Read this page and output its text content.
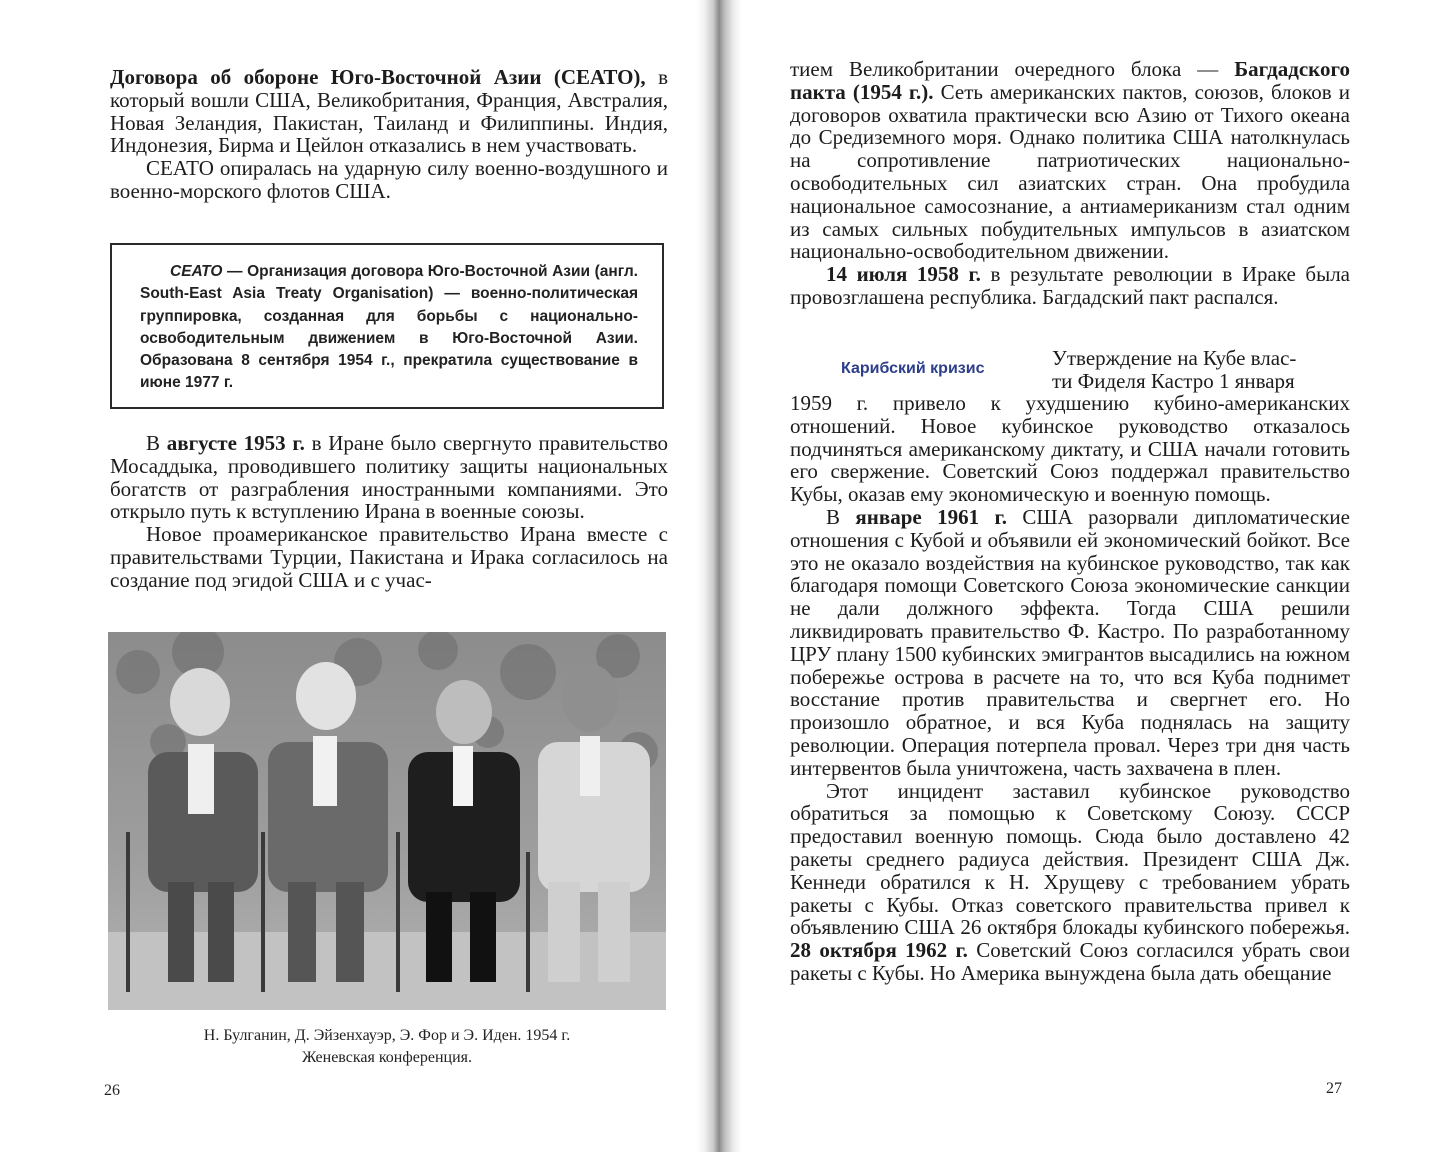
Договора об обороне Юго-Восточной Азии (СЕАТО), в который вошли США, Великобритания, Франция, Австралия, Новая Зеландия, Пакистан, Таиланд и Филиппины. Индия, Индонезия, Бирма и Цейлон отказались в нем участвовать.

СЕАТО опиралась на ударную силу военно-воздушного и военно-морского флотов США.

СЕАТО — Организация договора Юго-Восточной Азии (англ. South-East Asia Treaty Organisation) — военно-политическая группировка, созданная для борьбы с национально-освободительным движением в Юго-Восточной Азии. Образована 8 сентября 1954 г., прекратила существование в июне 1977 г.

В августе 1953 г. в Иране было свергнуто правительство Мосаддыка, проводившего политику защиты национальных богатств от разграбления иностранными компаниями. Это открыло путь к вступлению Ирана в военные союзы.

Новое проамериканское правительство Ирана вместе с правительствами Турции, Пакистана и Ирака согласилось на создание под эгидой США и с учас-

Н. Булганин, Д. Эйзенхауэр, Э. Фор и Э. Иден. 1954 г.
Женевская конференция.
26
Карибский кризис	Утверждение на Кубе влас-
ти Фиделя Кастро 1 января

тием Великобритании очередного блока — Багдадского пакта (1954 г.). Сеть американских пактов, союзов, блоков и договоров охватила практически всю Азию от Тихого океана до Средиземного моря. Однако политика США натолкнулась на сопротивление патриотических национально-освободительных сил азиатских стран. Она пробудила национальное самосознание, а антиамериканизм стал одним из самых сильных побудительных импульсов в азиатском национально-освободительном движении.

14 июля 1958 г. в результате революции в Ираке была провозглашена республика. Багдадский пакт распался.

1959 г. привело к ухудшению кубино-американских отношений. Новое кубинское руководство отказалось подчиняться американскому диктату, и США начали готовить его свержение. Советский Союз поддержал правительство Кубы, оказав ему экономическую и военную помощь.

В январе 1961 г. США разорвали дипломатические отношения с Кубой и объявили ей экономический бойкот. Все это не оказало воздействия на кубинское руководство, так как благодаря помощи Советского Союза экономические санкции не дали должного эффекта. Тогда США решили ликвидировать правительство Ф. Кастро. По разработанному ЦРУ плану 1500 кубинских эмигрантов высадились на южном побережье острова в расчете на то, что вся Куба поднимет восстание против правительства и свергнет его. Но произошло обратное, и вся Куба поднялась на защиту революции. Операция потерпела провал. Через три дня часть интервентов была уничтожена, часть захвачена в плен.

Этот инцидент заставил кубинское руководство обратиться за помощью к Советскому Союзу. СССР предоставил военную помощь. Сюда было доставлено 42 ракеты среднего радиуса действия. Президент США Дж. Кеннеди обратился к Н. Хрущеву с требованием убрать ракеты с Кубы. Отказ советского правительства привел к объявлению США 26 октября блокады кубинского побережья. 28 октября 1962 г. Советский Союз согласился убрать свои ракеты с Кубы. Но Америка вынуждена была дать обещание

27
